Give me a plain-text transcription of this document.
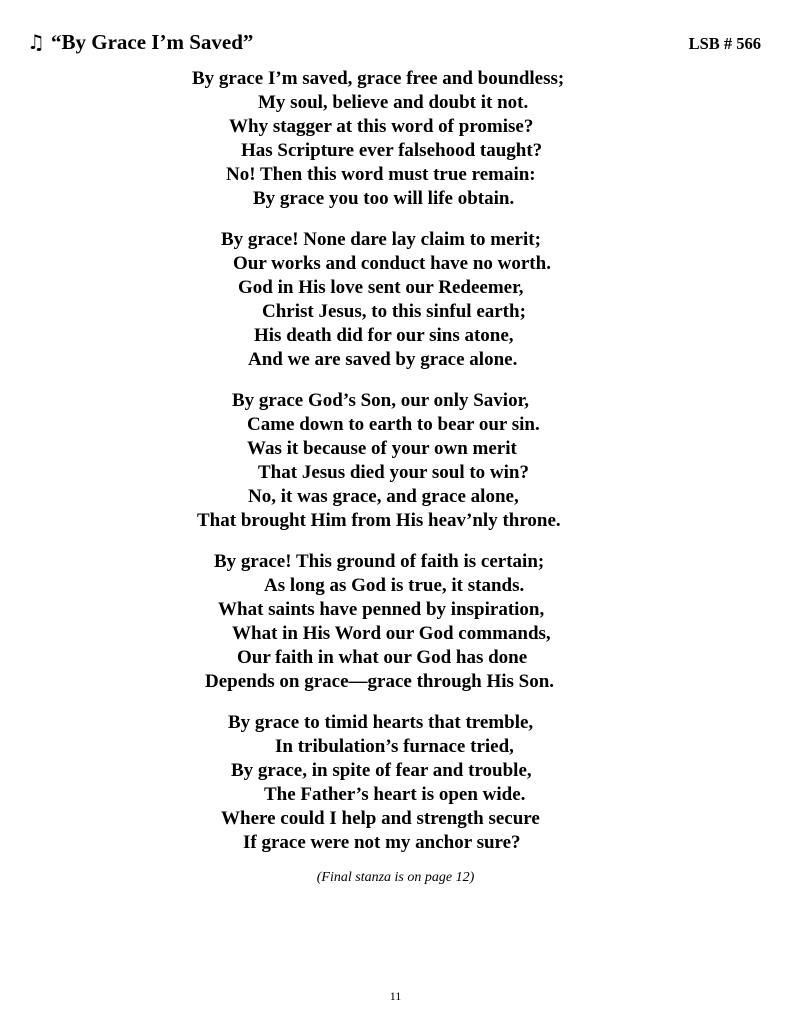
♫ “By Grace I’m Saved”	LSB # 566
By grace I’m saved, grace free and boundless;
My soul, believe and doubt it not.
Why stagger at this word of promise?
Has Scripture ever falsehood taught?
No! Then this word must true remain:
By grace you too will life obtain.
By grace! None dare lay claim to merit;
Our works and conduct have no worth.
God in His love sent our Redeemer,
Christ Jesus, to this sinful earth;
His death did for our sins atone,
And we are saved by grace alone.
By grace God’s Son, our only Savior,
Came down to earth to bear our sin.
Was it because of your own merit
That Jesus died your soul to win?
No, it was grace, and grace alone,
That brought Him from His heav’nly throne.
By grace! This ground of faith is certain;
As long as God is true, it stands.
What saints have penned by inspiration,
What in His Word our God commands,
Our faith in what our God has done
Depends on grace—grace through His Son.
By grace to timid hearts that tremble,
In tribulation’s furnace tried,
By grace, in spite of fear and trouble,
The Father’s heart is open wide.
Where could I help and strength secure
If grace were not my anchor sure?
(Final stanza is on page 12)
11
